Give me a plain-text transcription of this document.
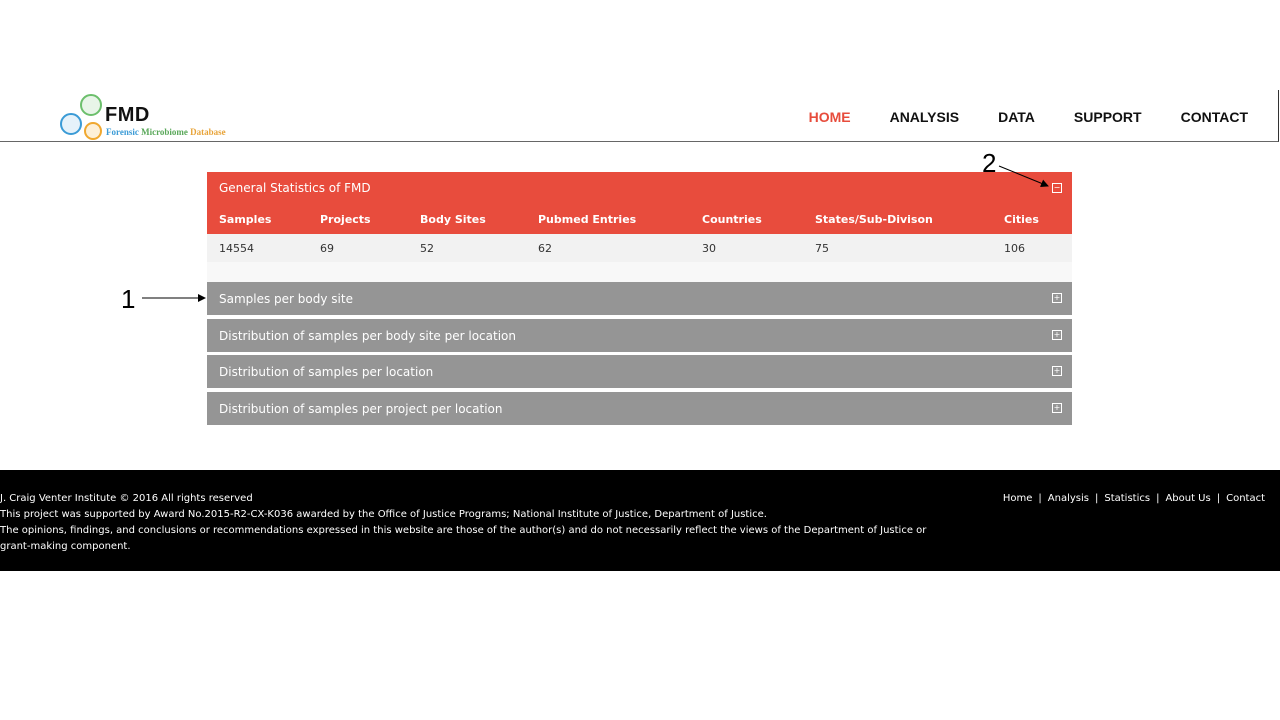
FMD
Forensic Microbiome Database
HOME	ANALYSIS	DATA	SUPPORT	CONTACT
General Statistics of FMD	−
Samples	Projects	Body Sites	Pubmed Entries	Countries	States/Sub-Divison	Cities
14554	69	52	62	30	75	106
Samples per body site	+
Distribution of samples per body site per location	+
Distribution of samples per location	+
Distribution of samples per project per location	+
1
2
J. Craig Venter Institute © 2016 All rights reserved
This project was supported by Award No.2015-R2-CX-K036 awarded by the Office of Justice Programs; National Institute of Justice, Department of Justice.
The opinions, findings, and conclusions or recommendations expressed in this website are those of the author(s) and do not necessarily reflect the views of the Department of Justice or grant-making component.
Home | Analysis | Statistics | About Us | Contact
